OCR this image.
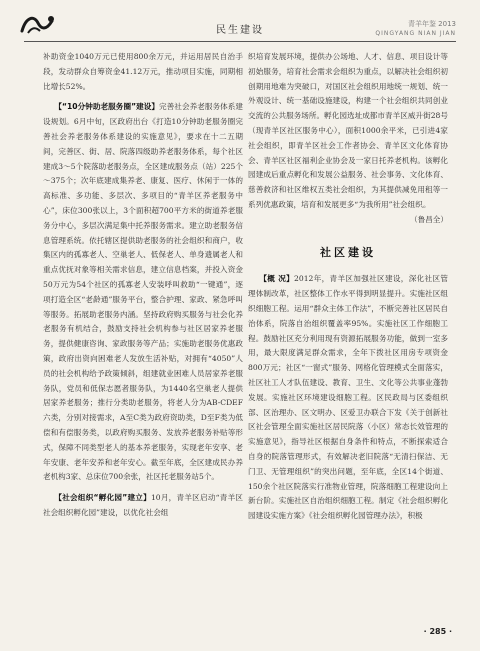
民生建设
青羊年鉴 2013
QINGYANG NIAN JIAN

补助资金1040万元已使用800余万元，并运用居民自治手段，发动群众自筹资金41.12万元，推动项目实施，同期相比增长52%。

【“10分钟助老服务圈”建设】完善社会养老服务体系建设规划。6月中旬，区政府出台《打造10分钟助老服务圈完善社会养老服务体系建设的实施意见》，要求在十二五期间，完善区、街、居、院落四级助养老服务体系，每个社区建成3～5个院落助老服务点，全区建成服务点（站）225个～375个；次年底建成集养老、康复、医疗、休闲于一体的高标准、多功能、多层次、多项目的“青羊区养老服务中心”，床位300张以上，3个面积超700平方米的街道养老服务分中心，多层次满足集中托养服务需求。建立助老服务信息管理系统。依托辖区提供助老服务的社会组织和商户，收集区内的孤寡老人、空巢老人、低保老人、单身遗属老人和重点优抚对象等相关需求信息，建立信息档案，并投入资金50万元为54个社区的孤寡老人安装呼叫救助“一键通”，逐项打造全区“老龄通”服务平台，整合护理、家政、紧急呼叫等服务。拓展助老服务内涵。坚持政府购买服务与社会化养老服务有机结合，鼓励支持社会机构参与社区居家养老服务，提供健康咨询、家政服务等产品；实施助老服务优惠政策，政府出资向困难老人发放生活补贴，对拥有“4050”人员的社会机构给予政策倾斜，组建就业困难人员居家养老服务队，党员和低保志愿者服务队，为1440名空巢老人提供居家养老服务；推行分类助老服务，将老人分为AB-CDEF六类，分别对接需求，A至C类为政府资助类，D至F类为低偿和有偿服务类，以政府购买服务、发放养老服务补贴等形式，保障不同类型老人的基本养老服务，实现老年安享、老年安康、老年安养和老年安心。截至年底，全区建成民办养老机构3家、总床位700余张，社区托老服务站5个。

【社会组织“孵化园”建立】10月，青羊区启动“青羊区社会组织孵化园”建设，以优化社会组

织培育发展环境，提供办公场地、人才、信息、项目设计等初始服务，培育社会需求会组织为重点，以解决社会组织初创期用地难为突破口，对国区社会组织用地统一规划、统一外观设计、统一基础设施建设，构建一个社会组织共同创业交流的公共服务场所。孵化园选址成都市青羊区威升街28号（现青羊区社区服务中心），面积1000余平米，已引进4家社会组织，即青羊区社会工作者协会、青羊区文化体育协会、青羊区社区福利企业协会及一家日托养老机构。该孵化园建成后重点孵化和发展公益服务、社会事务、文化体育、慈善救济和社区维权五类社会组织，为其提供减免用租等一系列优惠政策，培育和发展更多“为我所用”社会组织。

（鲁昌全）

社区建设

【概 况】2012年，青羊区加强社区建设，深化社区管理体制改革，社区整体工作水平得到明显提升。实施社区组织细胞工程。运用“群众主体工作法”，不断完善社区居民自治体系，院落自治组织覆盖率95%。实施社区工作细胞工程。鼓励社区充分利用现有资源拓展服务功能，做到一室多用，最大限度满足群众需求，全年下拨社区用房专项资金800万元；社区“一窗式”服务、网格化管理模式全面落实，社区社工人才队伍建设、教育、卫生、文化等公共事业蓬勃发展。实施社区环境建设细胞工程。区民政局与区委组织部、区治理办、区文明办、区爱卫办联合下发《关于创新社区社会管理全面实施社区居民院落（小区）常态长效管理的实施意见》，指导社区根据自身条件和特点，不断探索适合自身的院落管理形式，有效解决老旧院落“无清扫保洁、无门卫、无管理组织”的突出问题，至年底，全区14个街道、150余个社区院落实行准物业管理，院落细胞工程建设向上新台阶。实施社区自治组织细胞工程。制定《社会组织孵化园建设实施方案》《社会组织孵化园管理办法》，积极

· 285 ·
